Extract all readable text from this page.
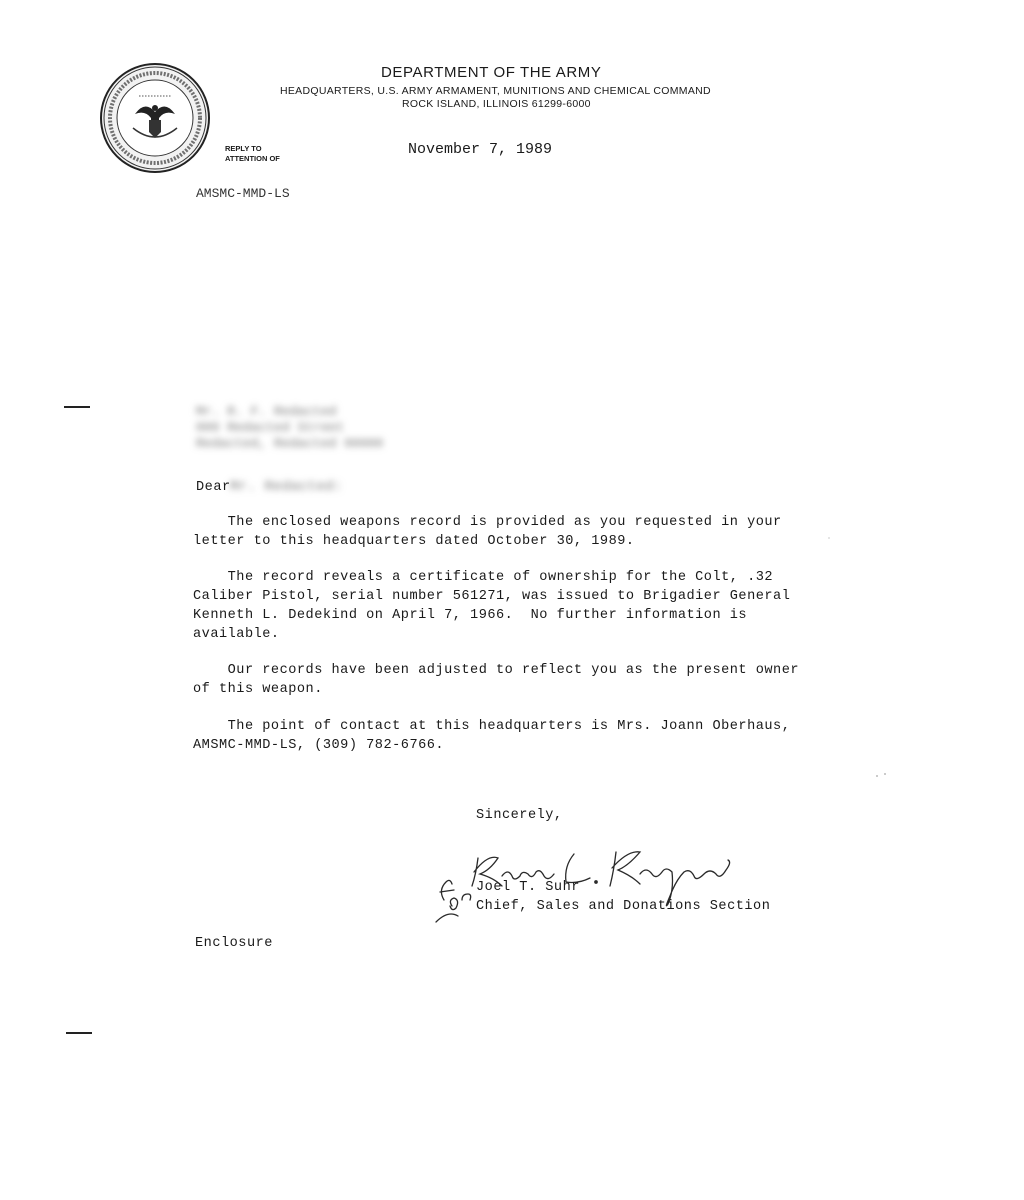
DEPARTMENT OF THE ARMY
HEADQUARTERS, U.S. ARMY ARMAMENT, MUNITIONS AND CHEMICAL COMMAND
ROCK ISLAND, ILLINOIS 61299-6000
REPLY TO
ATTENTION OF
November 7, 1989
AMSMC-MMD-LS
Mr. R. F. Redacted
000 Redacted Street
Redacted, Redacted 00000
Dear Mr. Redacted:

The enclosed weapons record is provided as you requested in your
letter to this headquarters dated October 30, 1989.

The record reveals a certificate of ownership for the Colt, .32
Caliber Pistol, serial number 561271, was issued to Brigadier General
Kenneth L. Dedekind on April 7, 1966.  No further information is
available.

Our records have been adjusted to reflect you as the present owner
of this weapon.

The point of contact at this headquarters is Mrs. Joann Oberhaus,
AMSMC-MMD-LS, (309) 782-6766.

Sincerely,
Joel T. Suhr
Chief, Sales and Donations Section
Enclosure
